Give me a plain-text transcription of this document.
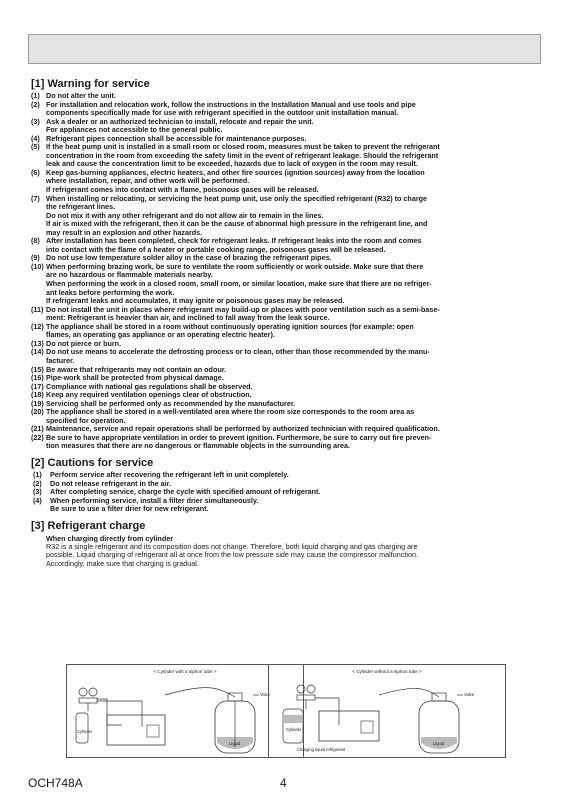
[1] Warning for service
(1) Do not alter the unit.
(2) For installation and relocation work, follow the instructions in the Installation Manual and use tools and pipe
components specifically made for use with refrigerant specified in the outdoor unit installation manual.
(3) Ask a dealer or an authorized technician to install, relocate and repair the unit.
For appliances not accessible to the general public.
(4) Refrigerant pipes connection shall be accessible for maintenance purposes.
(5) If the heat pump unit is installed in a small room or closed room, measures must be taken to prevent the refrigerant
concentration in the room from exceeding the safety limit in the event of refrigerant leakage. Should the refrigerant
leak and cause the concentration limit to be exceeded, hazards due to lack of oxygen in the room may result.
(6) Keep gas-burning appliances, electric heaters, and other fire sources (ignition sources) away from the location
where installation, repair, and other work will be performed.
If refrigerant comes into contact with a flame, poisonous gases will be released.
(7) When installing or relocating, or servicing the heat pump unit, use only the specified refrigerant (R32) to charge
the refrigerant lines.
Do not mix it with any other refrigerant and do not allow air to remain in the lines.
If air is mixed with the refrigerant, then it can be the cause of abnormal high pressure in the refrigerant line, and
may result in an explosion and other hazards.
(8) After installation has been completed, check for refrigerant leaks. If refrigerant leaks into the room and comes
into contact with the flame of a heater or portable cooking range, poisonous gases will be released.
(9) Do not use low temperature solder alloy in the case of brazing the refrigerant pipes.
(10) When performing brazing work, be sure to ventilate the room sufficiently or work outside. Make sure that there
are no hazardous or flammable materials nearby.
When performing the work in a closed room, small room, or similar location, make sure that there are no refriger-
ant leaks before performing the work.
If refrigerant leaks and accumulates, it may ignite or poisonous gases may be released.
(11) Do not install the unit in places where refrigerant may build-up or places with poor ventilation such as a semi-base-
ment: Refrigerant is heavier than air, and inclined to fall away from the leak source.
(12) The appliance shall be stored in a room without continuously operating ignition sources (for example: open
flames, an operating gas appliance or an operating electric heater).
(13) Do not pierce or burn.
(14) Do not use means to accelerate the defrosting process or to clean, other than those recommended by the manu-
facturer.
(15) Be aware that refrigerants may not contain an odour.
(16) Pipe-work shall be protected from physical damage.
(17) Compliance with national gas regulations shall be observed.
(18) Keep any required ventilation openings clear of obstruction.
(19) Servicing shall be performed only as recommended by the manufacturer.
(20) The appliance shall be stored in a well-ventilated area where the room size corresponds to the room area as
specified for operation.
(21) Maintenance, service and repair operations shall be performed by authorized technician with required qualification.
(22) Be sure to have appropriate ventilation in order to prevent ignition. Furthermore, be sure to carry out fire preven-
tion measures that there are no dangerous or flammable objects in the surrounding area.
[2] Cautions for service
(1)	Perform service after recovering the refrigerant left in unit completely.
(2)	Do not release refrigerant in the air.
(3)	After completing service, charge the cycle with specified amount of refrigerant.
(4)	When performing service, install a filter drier simultaneously.
Be sure to use a filter drier for new refrigerant.
[3] Refrigerant charge
When charging directly from cylinder
R32 is a single refrigerant and its composition does not change. Therefore, both liquid charging and gas charging are
possible. Liquid charging of refrigerant all at once from the low pressure side may cause the compressor malfunction.
Accordingly, make sure that charging is gradual.
< Cylinder with a siphon tube >
Valve
Cylinder
Liquid
< Cylinder without a siphon tube >
Valve
Cylinder
Liquid
Charging liquid refrigerant
OCH748A	4
